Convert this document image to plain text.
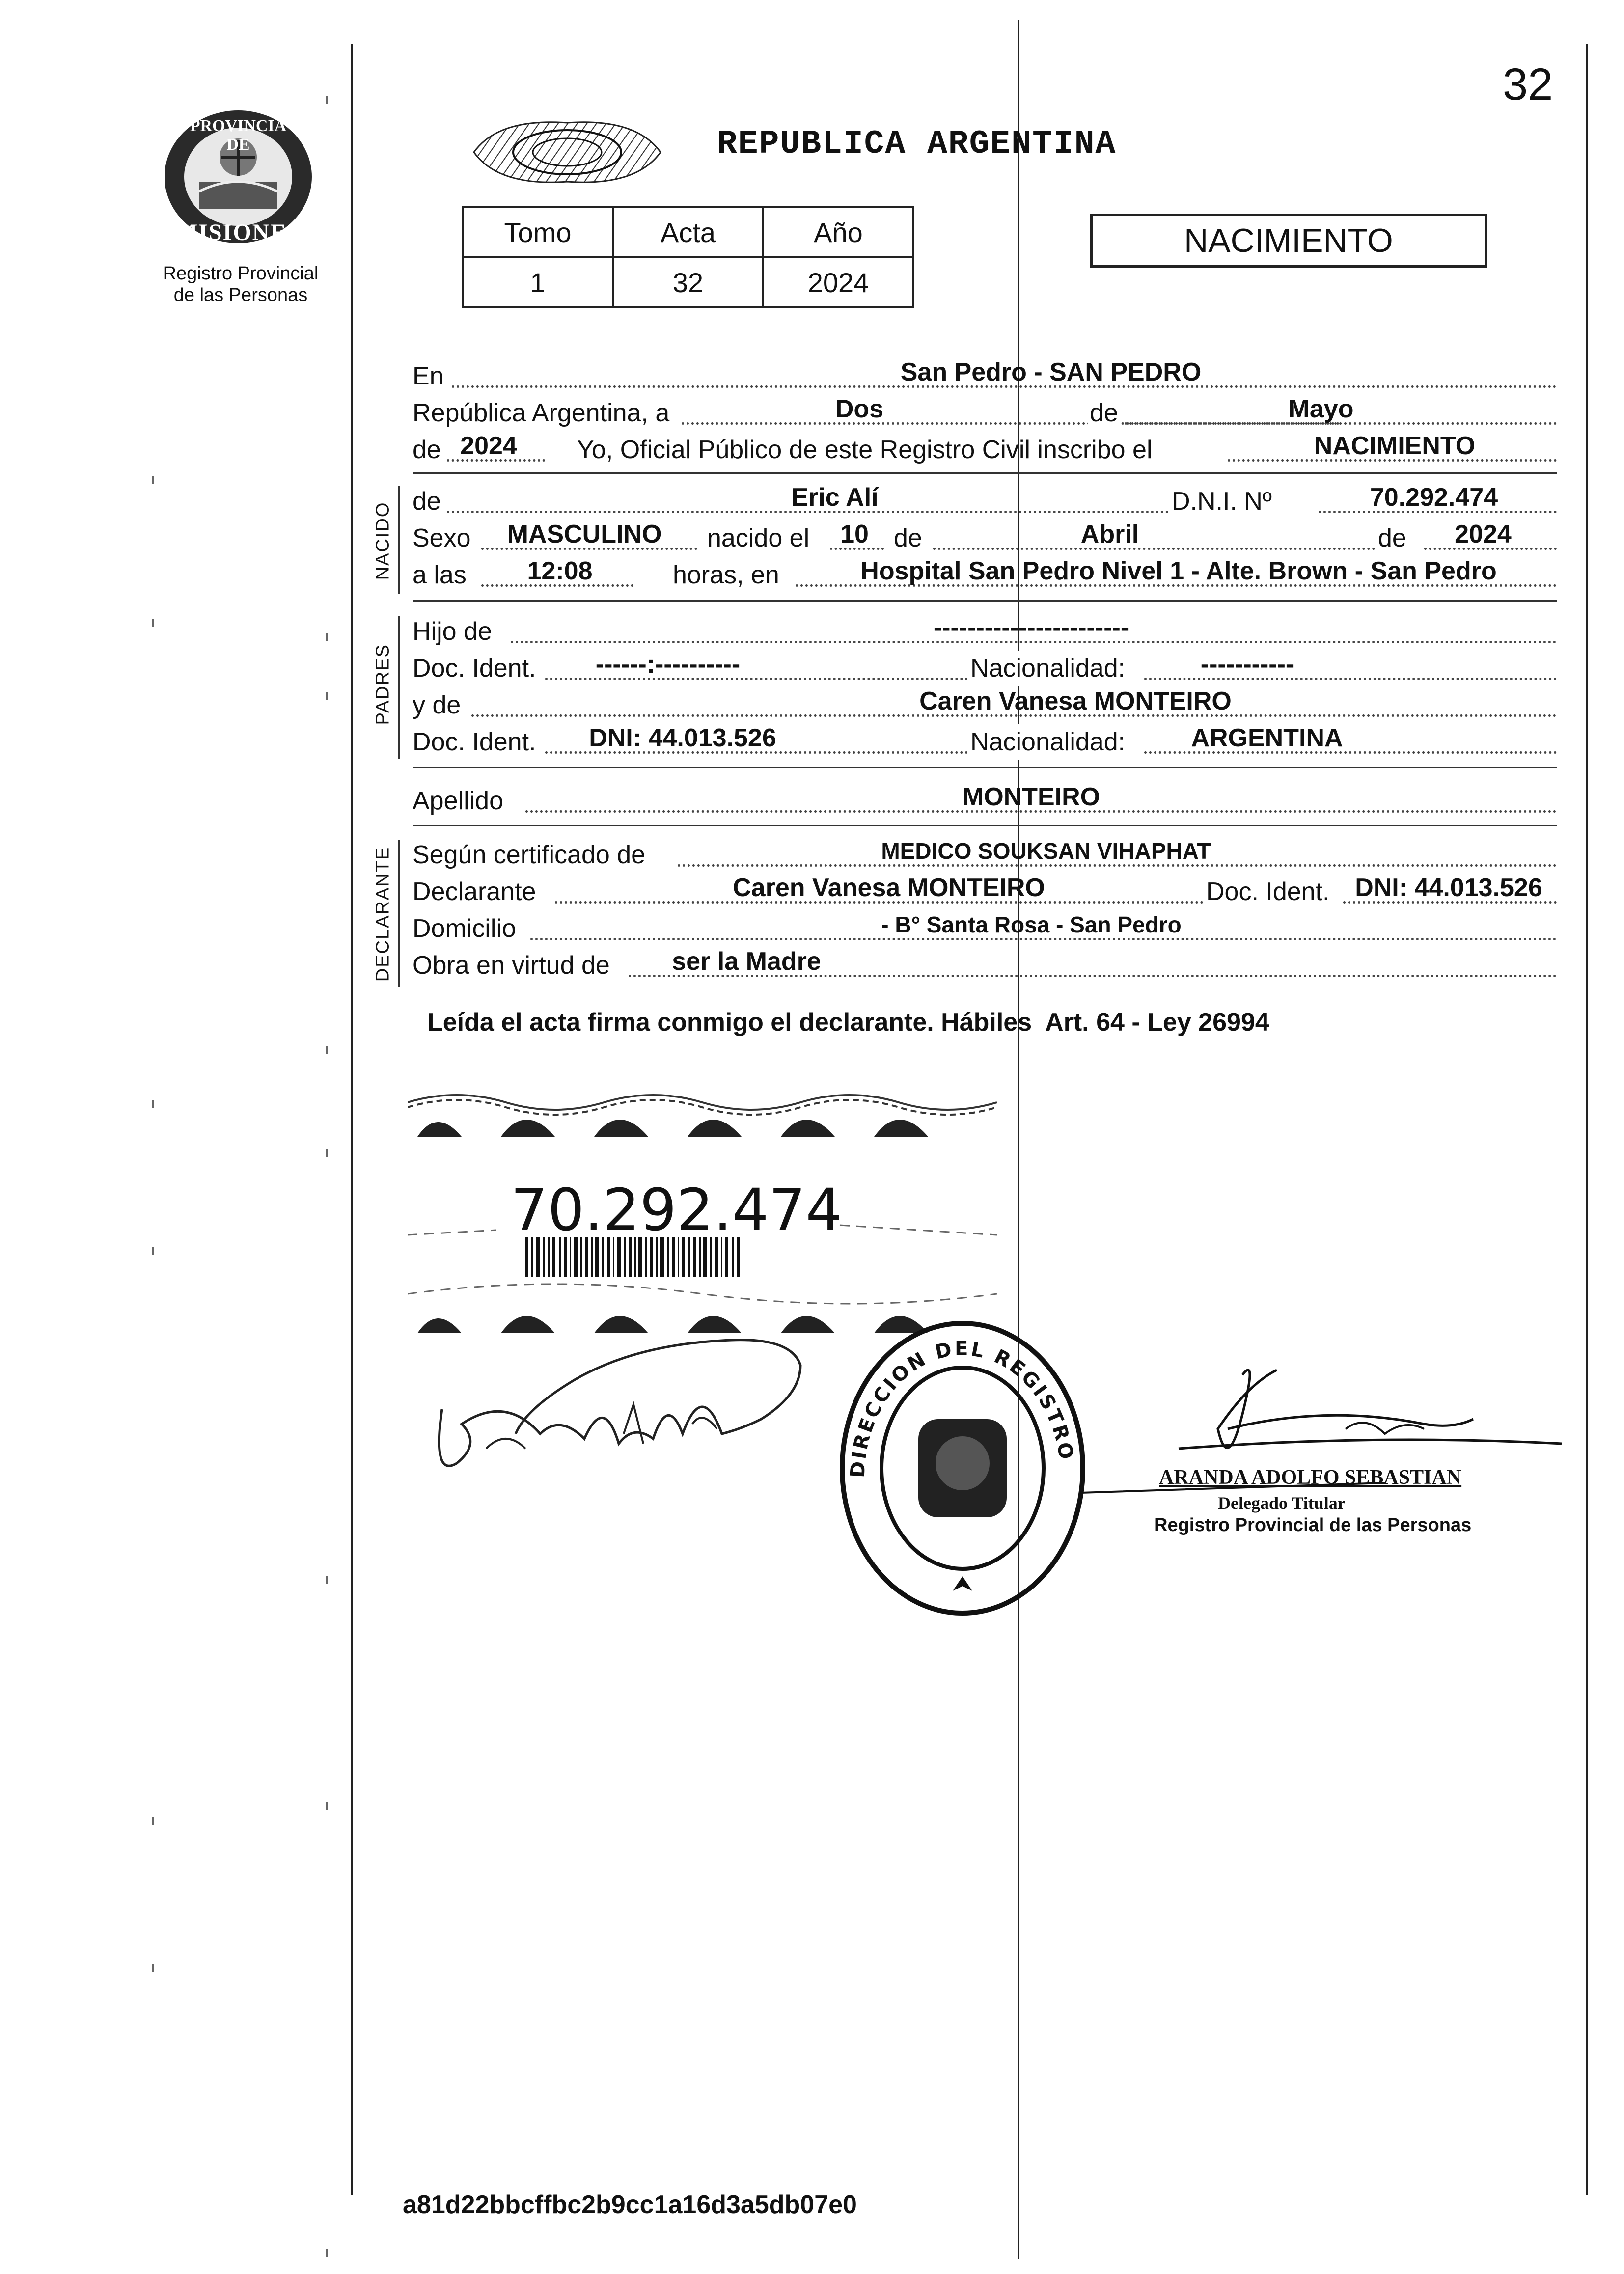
32
PROVINCIA DE
MISIONES
Registro Provincial
de las Personas
REPUBLICA ARGENTINA
Tomo	Acta	Año
1	32	2024
NACIMIENTO
En	San Pedro - SAN PEDRO
República Argentina, a	Dos	de	Mayo
de 2024	Yo, Oficial Público de este Registro Civil inscribo el	NACIMIENTO
NACIDO
de	Eric Alí	D.N.I. Nº	70.292.474
Sexo	MASCULINO	nacido el	10 de	Abril	de	2024
a las	12:08	horas, en	Hospital San Pedro Nivel 1 - Alte. Brown - San Pedro
PADRES
Hijo de	-----------------------
Doc. Ident.	------:----------	Nacionalidad:	-----------
y de	Caren Vanesa MONTEIRO
Doc. Ident.	DNI: 44.013.526	Nacionalidad:	ARGENTINA
Apellido	MONTEIRO
DECLARANTE Según certificado de	MEDICO SOUKSAN VIHAPHAT
Declarante	Caren Vanesa MONTEIRO	Doc. Ident. DNI: 44.013.526
Domicilio	- B° Santa Rosa - San Pedro
Obra en virtud de	ser la Madre
Leída el acta firma conmigo el declarante. Hábiles  Art. 64 - Ley 26994
70.292.474
DIRECCION DEL REGISTRO
ARANDA ADOLFO SEBASTIAN
Delegado Titular
Registro Provincial de las Personas
a81d22bbcffbc2b9cc1a16d3a5db07e0
